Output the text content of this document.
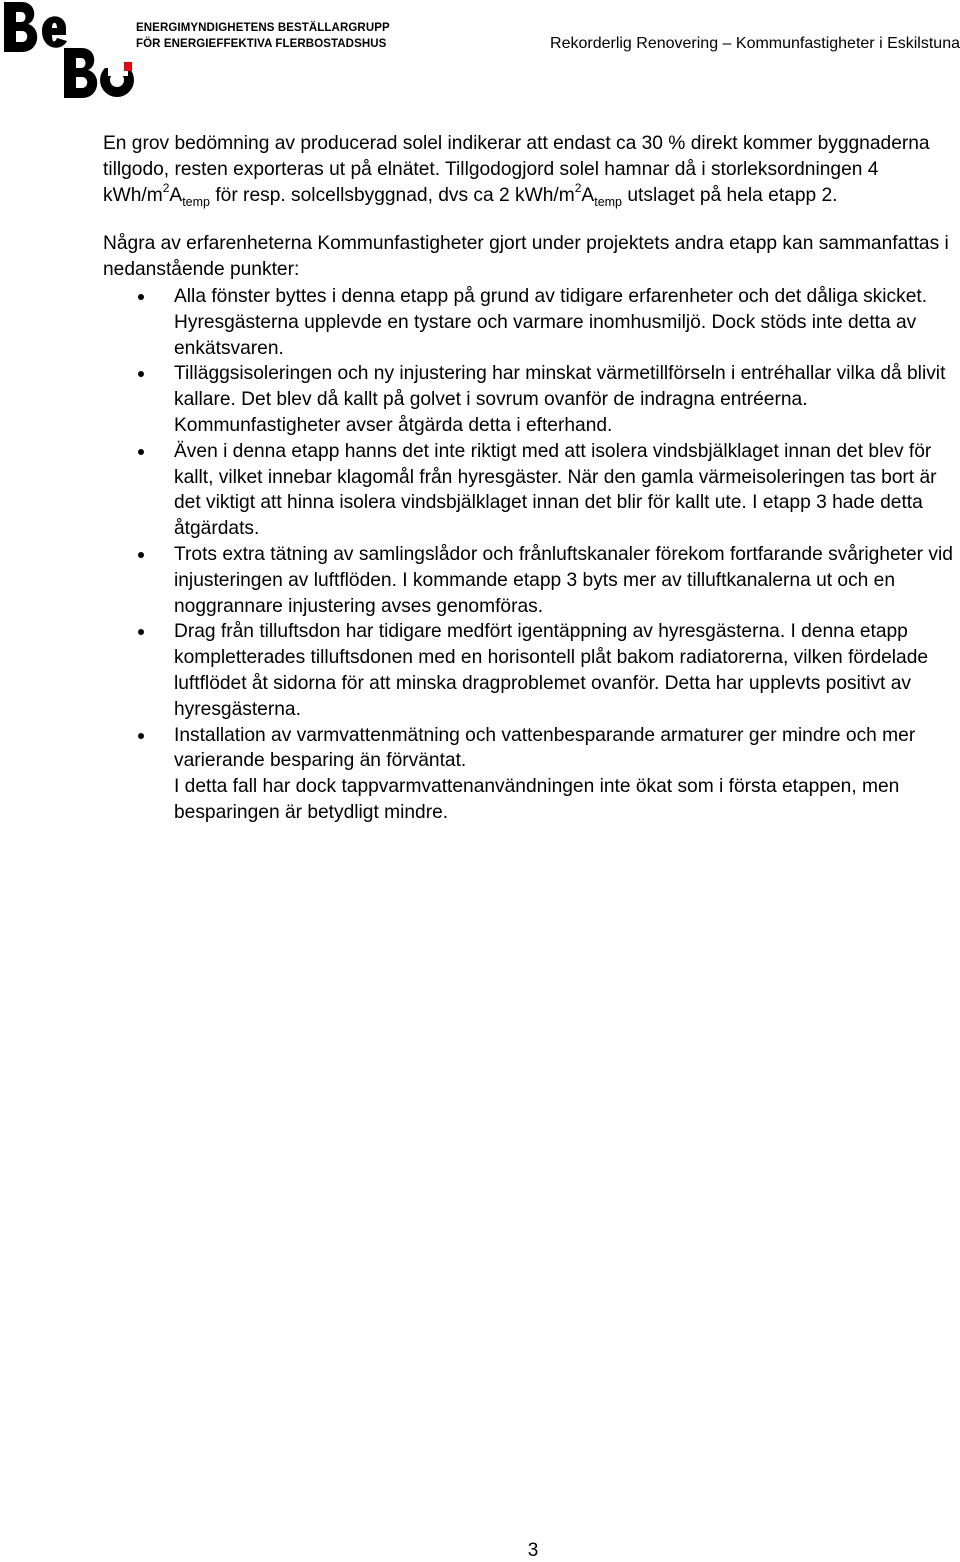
ENERGIMYNDIGHETENS BESTÄLLARGRUPP
FÖR ENERGIEFFEKTIVA FLERBOSTADSHUS	Rekorderlig Renovering – Kommunfastigheter i Eskilstuna

En grov bedömning av producerad solel indikerar att endast ca 30 % direkt kommer byggnaderna tillgodo, resten exporteras ut på elnätet. Tillgodogjord solel hamnar då i storleksordningen 4 kWh/$m^2A_{temp}$ för resp. solcellsbyggnad, dvs ca 2 kWh/$m^2A_{temp}$ utslaget på hela etapp 2.

Några av erfarenheterna Kommunfastigheter gjort under projektets andra etapp kan sammanfattas i nedanstående punkter:

Alla fönster byttes i denna etapp på grund av tidigare erfarenheter och det dåliga skicket. Hyresgästerna upplevde en tystare och varmare inomhusmiljö. Dock stöds inte detta av enkätsvaren.
Tilläggsisoleringen och ny injustering har minskat värmetillförseln i entréhallar vilka då blivit kallare. Det blev då kallt på golvet i sovrum ovanför de indragna entréerna. Kommunfastigheter avser åtgärda detta i efterhand.
Även i denna etapp hanns det inte riktigt med att isolera vindsbjälklaget innan det blev för kallt, vilket innebar klagomål från hyresgäster. När den gamla värmeisoleringen tas bort är det viktigt att hinna isolera vindsbjälklaget innan det blir för kallt ute. I etapp 3 hade detta åtgärdats.
Trots extra tätning av samlingslådor och frånluftskanaler förekom fortfarande svårigheter vid injusteringen av luftflöden. I kommande etapp 3 byts mer av tilluftkanalerna ut och en noggrannare injustering avses genomföras.
Drag från tilluftsdon har tidigare medfört igentäppning av hyresgästerna. I denna etapp kompletterades tilluftsdonen med en horisontell plåt bakom radiatorerna, vilken fördelade luftflödet åt sidorna för att minska dragproblemet ovanför. Detta har upplevts positivt av hyresgästerna.
Installation av varmvattenmätning och vattenbesparande armaturer ger mindre och mer varierande besparing än förväntat.
I detta fall har dock tappvarmvattenanvändningen inte ökat som i första etappen, men besparingen är betydligt mindre.
3
